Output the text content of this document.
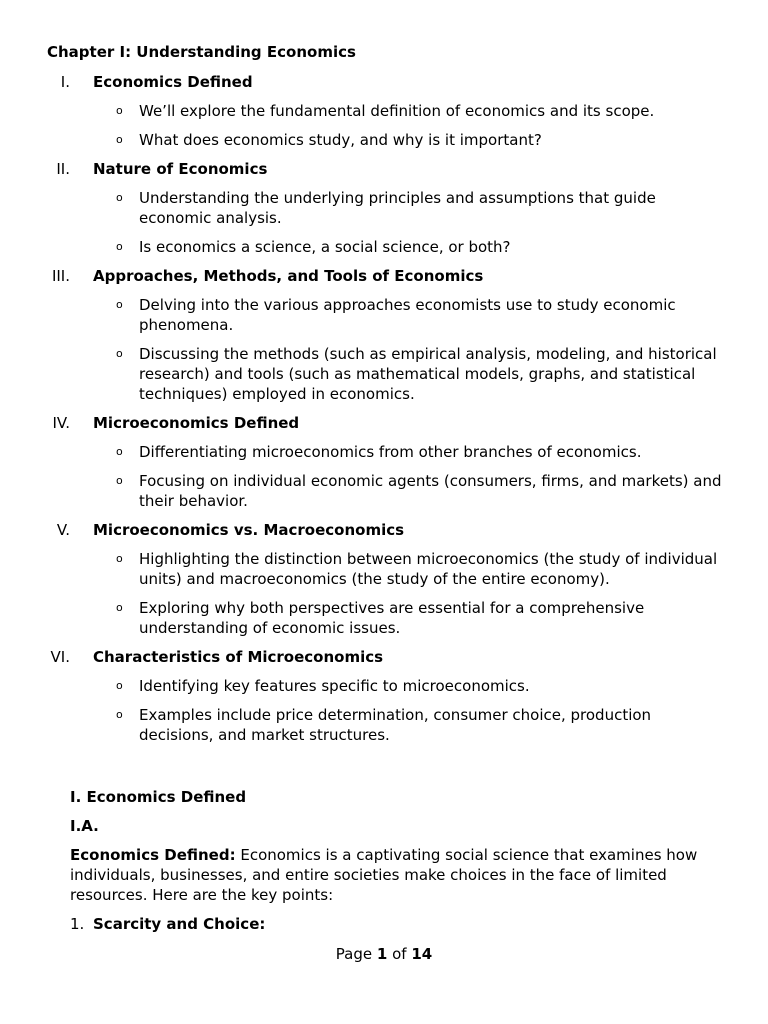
Chapter I: Understanding Economics
I. Economics Defined
o We’ll explore the fundamental definition of economics and its scope.
o What does economics study, and why is it important?
II. Nature of Economics
o Understanding the underlying principles and assumptions that guide economic analysis.
o Is economics a science, a social science, or both?
III. Approaches, Methods, and Tools of Economics
o Delving into the various approaches economists use to study economic phenomena.
o Discussing the methods (such as empirical analysis, modeling, and historical research) and tools (such as mathematical models, graphs, and statistical techniques) employed in economics.
IV. Microeconomics Defined
o Differentiating microeconomics from other branches of economics.
o Focusing on individual economic agents (consumers, firms, and markets) and their behavior.
V. Microeconomics vs. Macroeconomics
o Highlighting the distinction between microeconomics (the study of individual units) and macroeconomics (the study of the entire economy).
o Exploring why both perspectives are essential for a comprehensive understanding of economic issues.
VI. Characteristics of Microeconomics
o Identifying key features specific to microeconomics.
o Examples include price determination, consumer choice, production decisions, and market structures.

I. Economics Defined

I.A.

Economics Defined: Economics is a captivating social science that examines how individuals, businesses, and entire societies make choices in the face of limited resources. Here are the key points:

1. Scarcity and Choice:
Page 1 of 14
